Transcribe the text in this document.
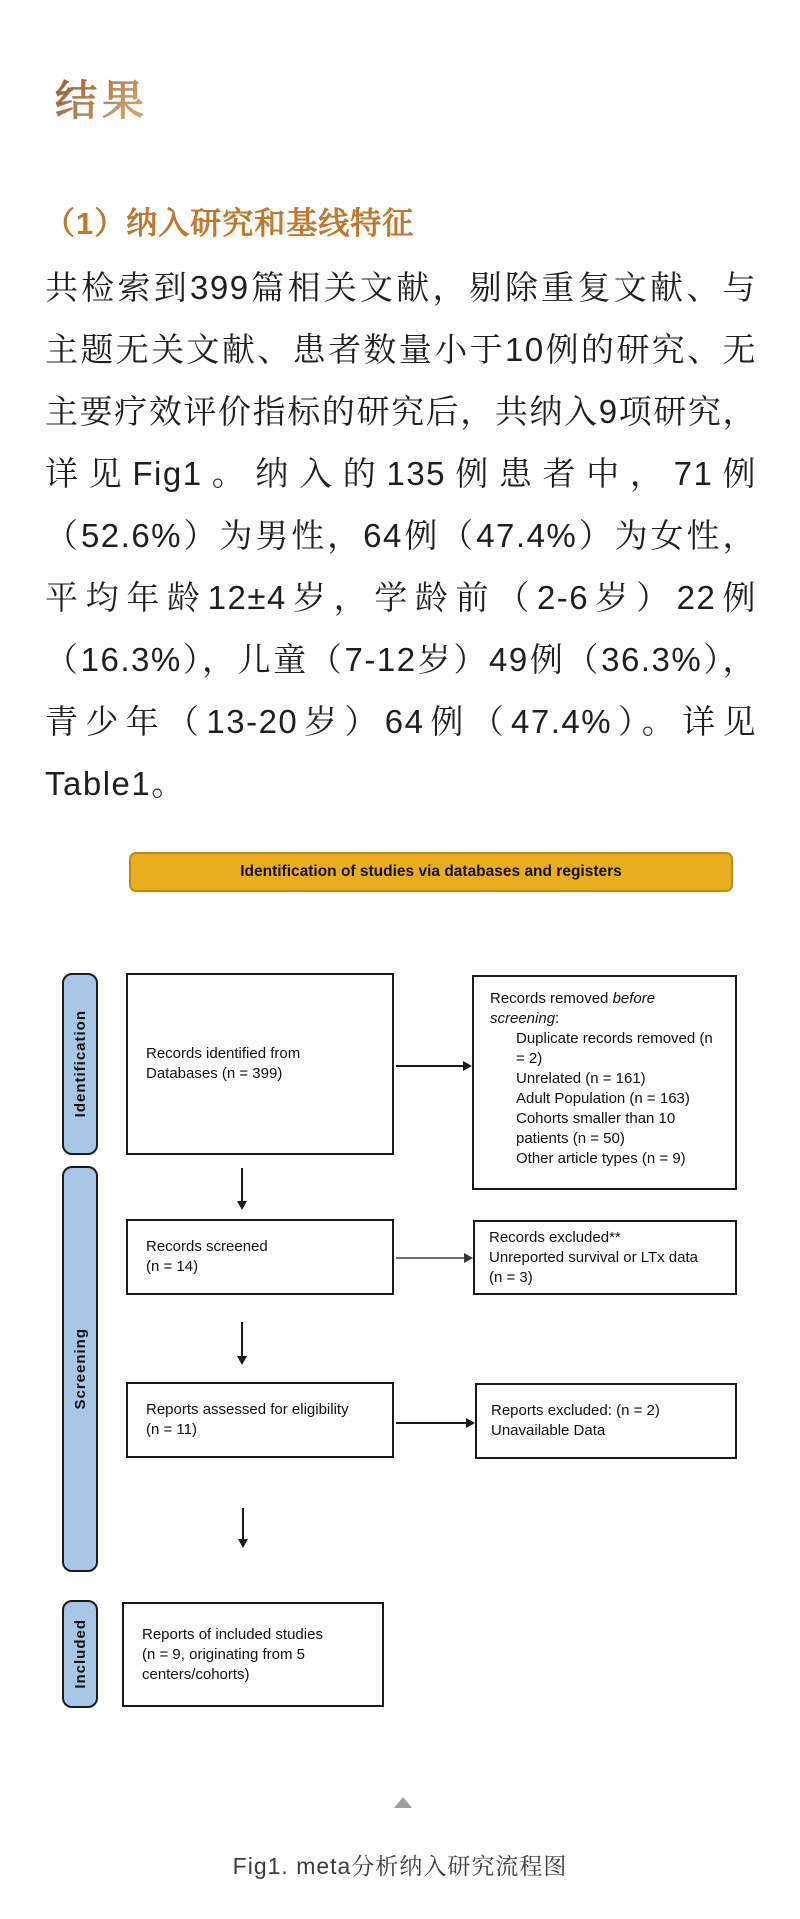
结果
（1）纳入研究和基线特征

共检索到399篇相关文献，剔除重复文献、与主题无关文献、患者数量小于10例的研究、无主要疗效评价指标的研究后，共纳入9项研究，详见Fig1。纳入的135例患者中，71例（52.6%）为男性，64例（47.4%）为女性，平均年龄12±4岁，学龄前（2-6岁）22例（16.3%），儿童（7-12岁）49例（36.3%），青少年（13-20岁）64例（47.4%）。详见Table1。

Identification of studies via databases and registers
Identification
Screening
Included
Records identified from
Databases (n = 399)
Records removed before
screening:
Duplicate records removed (n = 2)
Unrelated (n = 161)
Adult Population (n = 163)
Cohorts smaller than 10 patients (n = 50)
Other article types (n = 9)
Records screened
(n = 14)
Records excluded**
Unreported survival or LTx data
(n = 3)
Reports assessed for eligibility
(n = 11)
Reports excluded: (n = 2)
Unavailable Data
Reports of included studies
(n = 9, originating from 5
centers/cohorts)
Fig1. meta分析纳入研究流程图
